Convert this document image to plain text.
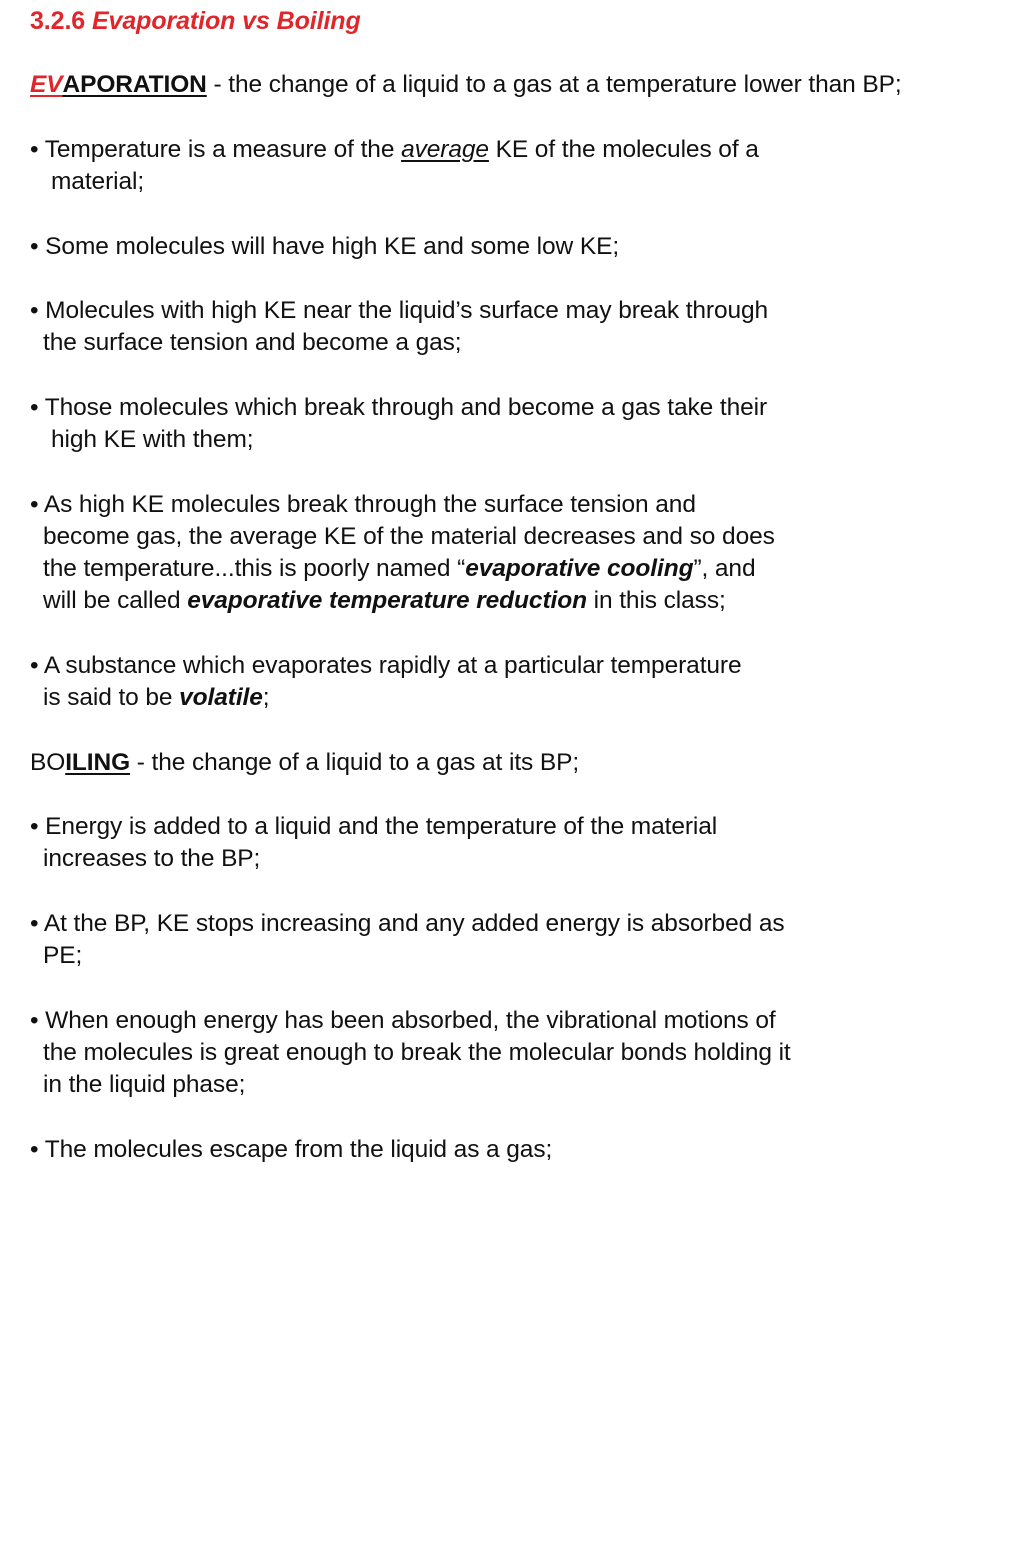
3.2.6 Evaporation vs Boiling
EVAPORATION - the change of a liquid to a gas at a temperature lower than BP;
• Temperature is a measure of the average KE of the molecules of a
material;
• Some molecules will have high KE and some low KE;
• Molecules with high KE near the liquid’s surface may break through
the surface tension and become a gas;
• Those molecules which break through and become a gas take their
high KE with them;
• As high KE molecules break through the surface tension and
become gas, the average KE of the material decreases and so does
the temperature...this is poorly named “evaporative cooling”, and
will be called evaporative temperature reduction in this class;
• A substance which evaporates rapidly at a particular temperature
is said to be volatile;
BOILING - the change of a liquid to a gas at its BP;
• Energy is added to a liquid and the temperature of the material
increases to the BP;
• At the BP, KE stops increasing and any added energy is absorbed as
PE;
• When enough energy has been absorbed, the vibrational motions of
the molecules is great enough to break the molecular bonds holding it
in the liquid phase;
• The molecules escape from the liquid as a gas;
